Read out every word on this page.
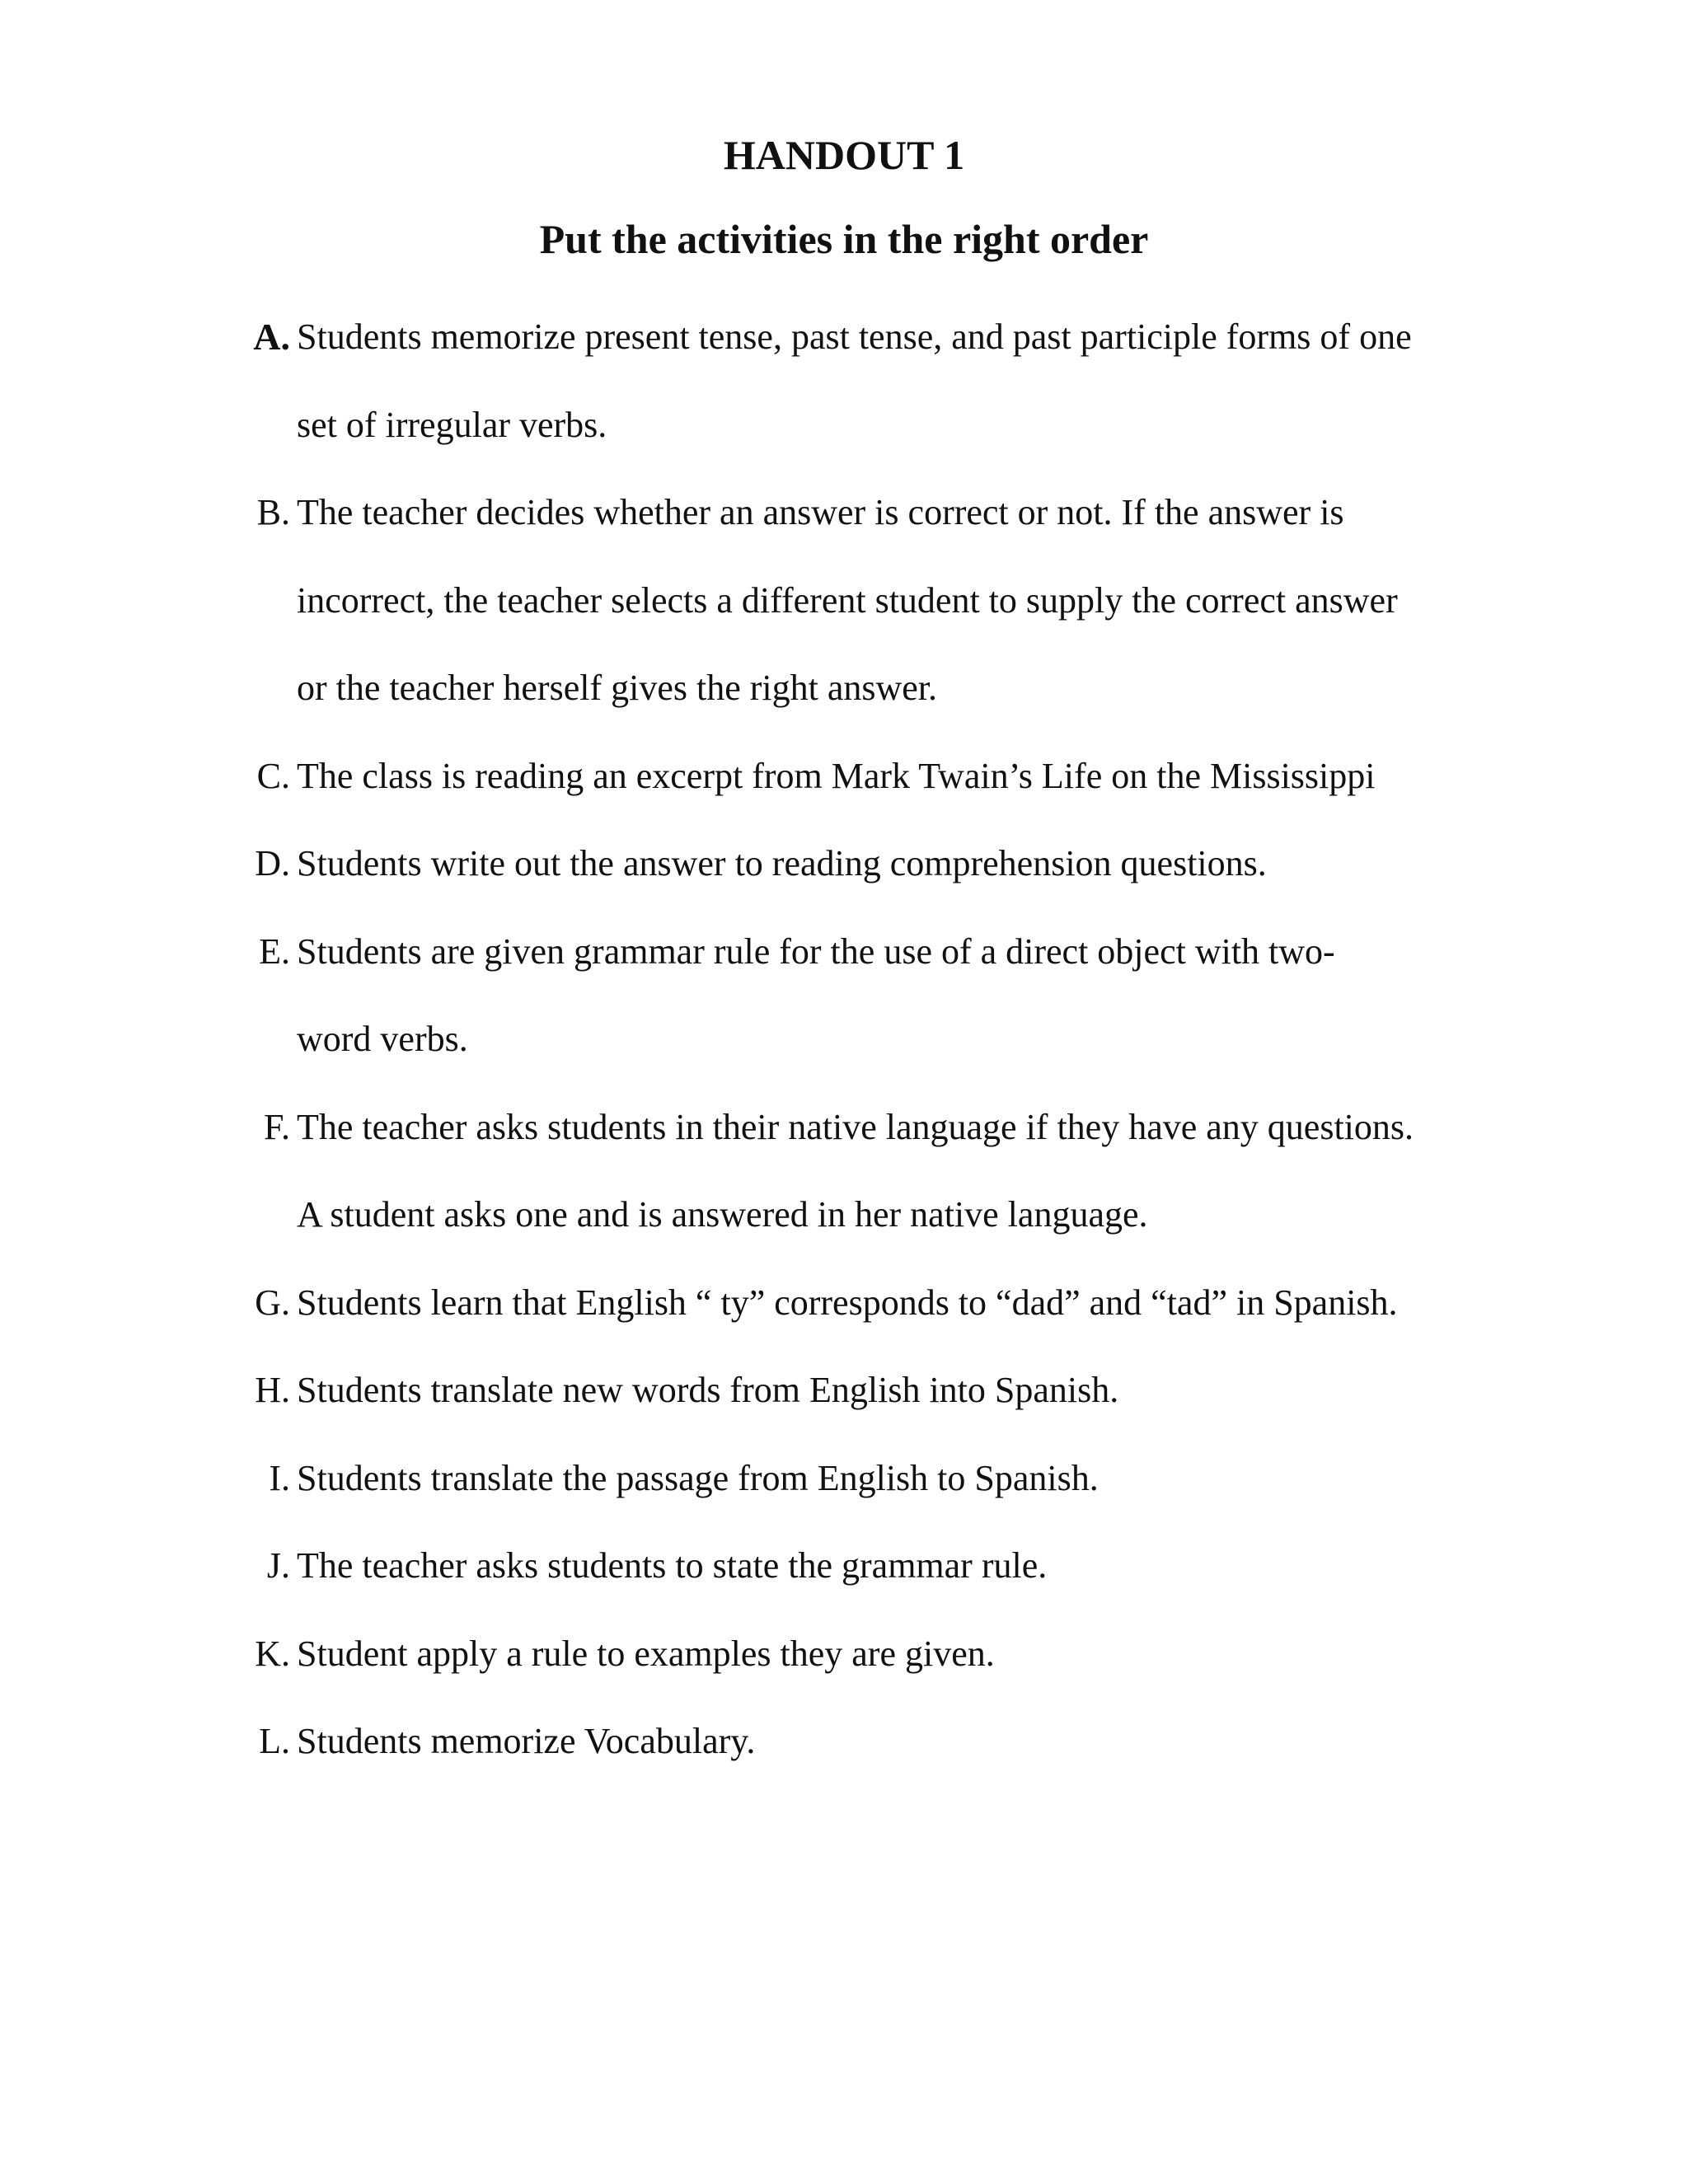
HANDOUT 1
Put the activities in the right order
A. Students memorize present tense, past tense, and past participle forms of one
set of irregular verbs.
B. The teacher decides whether an answer is correct or not. If the answer is
incorrect, the teacher selects a different student to supply the correct answer
or the teacher herself gives the right answer.
C. The class is reading an excerpt from Mark Twain’s Life on the Mississippi
D. Students write out the answer to reading comprehension questions.
E. Students are given grammar rule for the use of a direct object with two-
word verbs.
F. The teacher asks students in their native language if they have any questions.
A student asks one and is answered in her native language.
G. Students learn that English “ ty” corresponds to “dad” and “tad” in Spanish.
H. Students translate new words from English into Spanish.
I. Students translate the passage from English to Spanish.
J. The teacher asks students to state the grammar rule.
K. Student apply a rule to examples they are given.
L. Students memorize Vocabulary.
